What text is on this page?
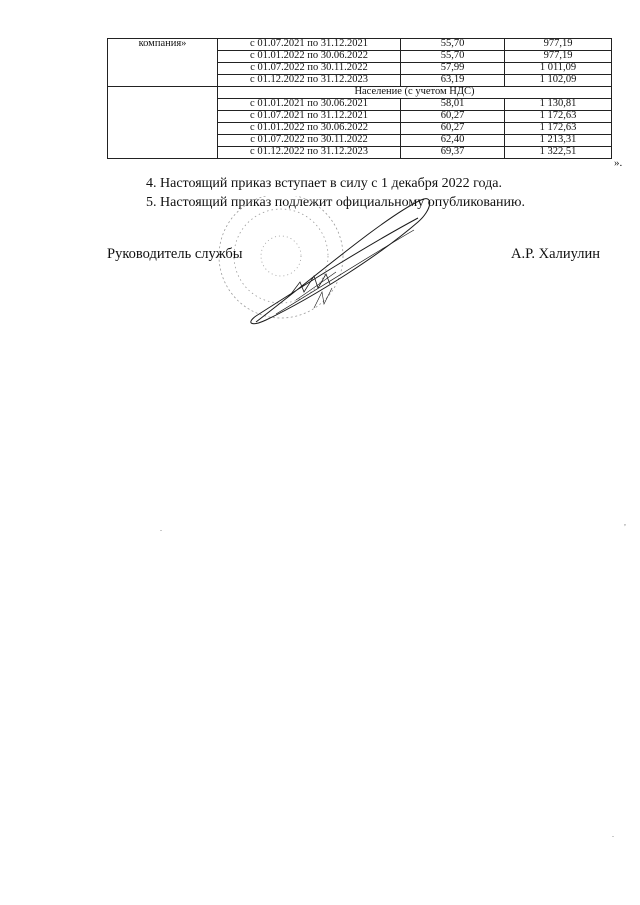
компания»	с 01.07.2021 по 31.12.2021	55,70	977,19
	с 01.01.2022 по 30.06.2022	55,70	977,19
	с 01.07.2022 по 30.11.2022	57,99	1 011,09
	с 01.12.2022 по 31.12.2023	63,19	1 102,09
	Население (с учетом НДС)		
	с 01.01.2021 по 30.06.2021	58,01	1 130,81
	с 01.07.2021 по 31.12.2021	60,27	1 172,63
	с 01.01.2022 по 30.06.2022	60,27	1 172,63
	с 01.07.2022 по 30.11.2022	62,40	1 213,31
	с 01.12.2022 по 31.12.2023	69,37	1 322,51
».
4. Настоящий приказ вступает в силу с 1 декабря 2022 года.
5. Настоящий приказ подлежит официальному опубликованию.
Руководитель службы	А.Р. Халиулин
.
,
.
